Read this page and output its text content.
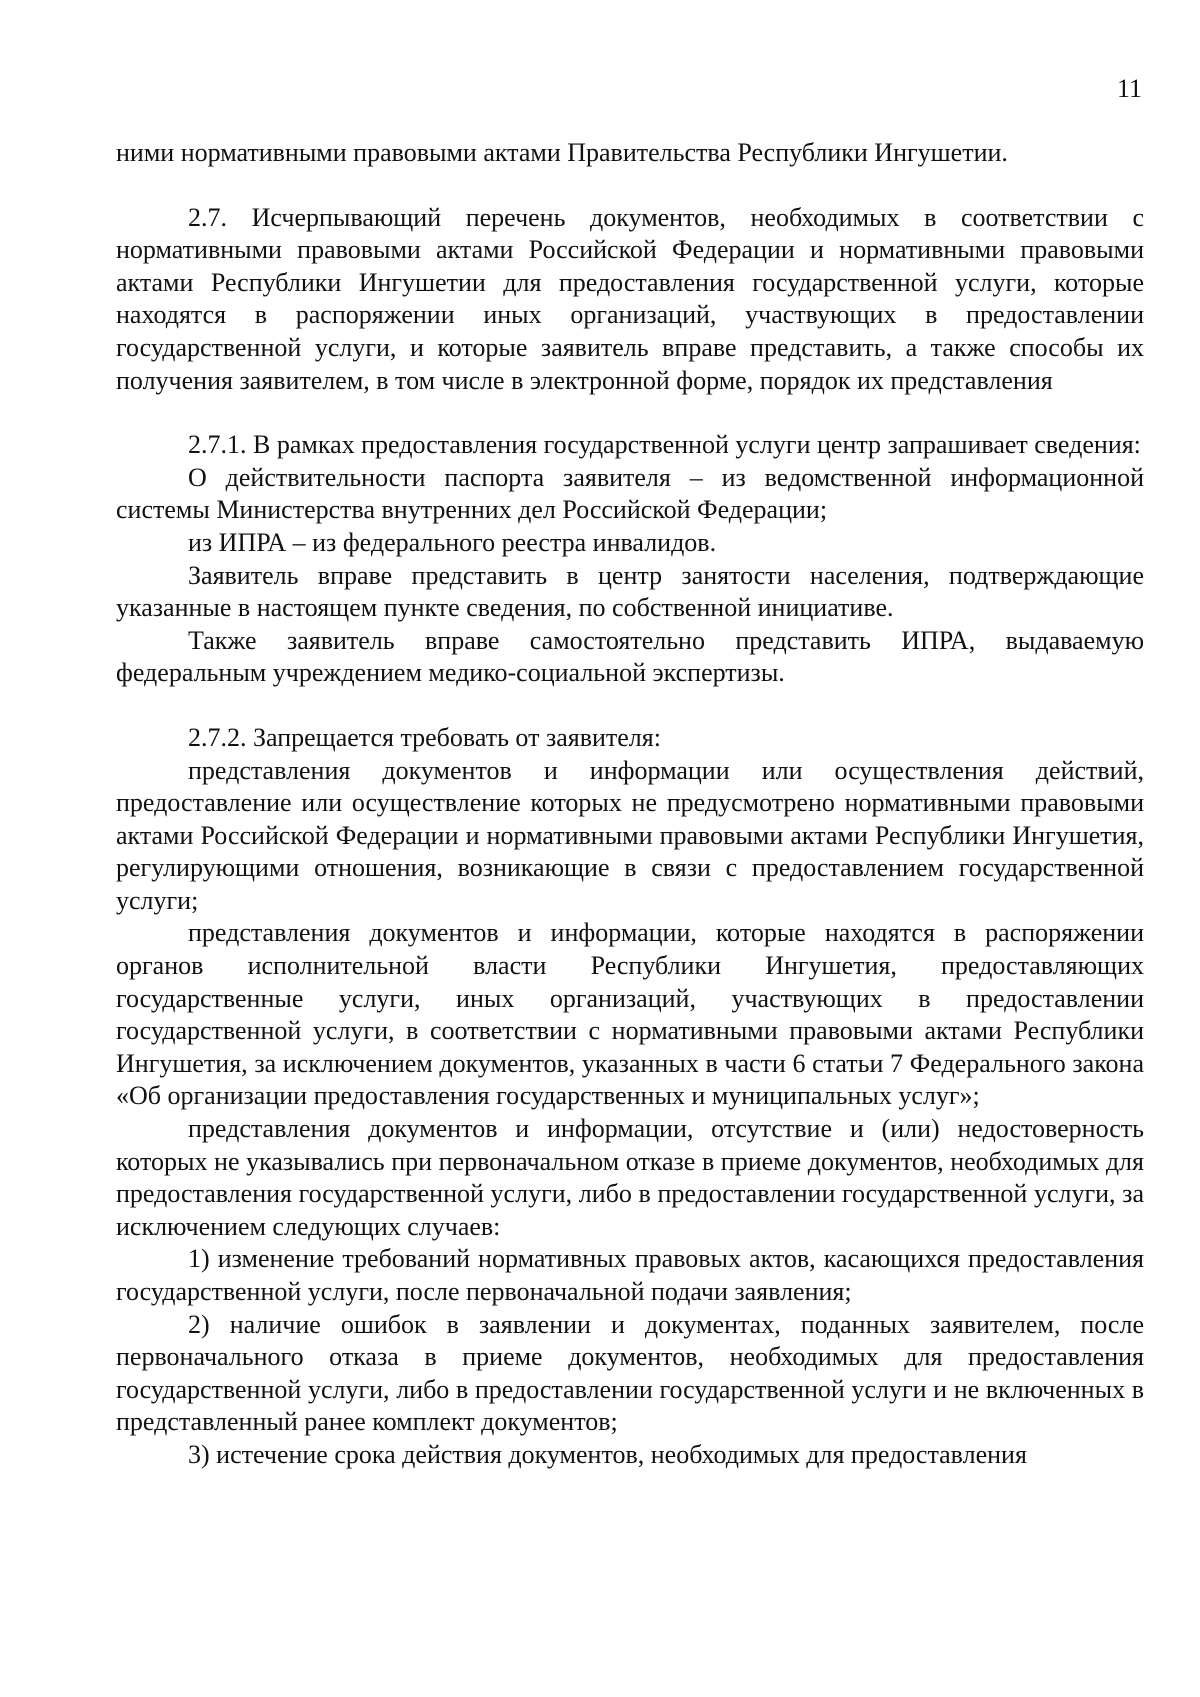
11

ними нормативными правовыми актами Правительства Республики Ингушетии.

2.7. Исчерпывающий перечень документов, необходимых в соответствии с нормативными правовыми актами Российской Федерации и нормативными правовыми актами Республики Ингушетии для предоставления государственной услуги, которые находятся в распоряжении иных организаций, участвующих в предоставлении государственной услуги, и которые заявитель вправе представить, а также способы их получения заявителем, в том числе в электронной форме, порядок их представления

2.7.1. В рамках предоставления государственной услуги центр запрашивает сведения:

О действительности паспорта заявителя – из ведомственной информационной системы Министерства внутренних дел Российской Федерации;

из ИПРА – из федерального реестра инвалидов.

Заявитель вправе представить в центр занятости населения, подтверждающие указанные в настоящем пункте сведения, по собственной инициативе.

Также заявитель вправе самостоятельно представить ИПРА, выдаваемую федеральным учреждением медико-социальной экспертизы.

2.7.2. Запрещается требовать от заявителя:

представления документов и информации или осуществления действий, предоставление или осуществление которых не предусмотрено нормативными правовыми актами Российской Федерации и нормативными правовыми актами Республики Ингушетия, регулирующими отношения, возникающие в связи с предоставлением государственной услуги;

представления документов и информации, которые находятся в распоряжении органов исполнительной власти Республики Ингушетия, предоставляющих государственные услуги, иных организаций, участвующих в предоставлении государственной услуги, в соответствии с нормативными правовыми актами Республики Ингушетия, за исключением документов, указанных в части 6 статьи 7 Федерального закона «Об организации предоставления государственных и муниципальных услуг»;

представления документов и информации, отсутствие и (или) недостоверность которых не указывались при первоначальном отказе в приеме документов, необходимых для предоставления государственной услуги, либо в предоставлении государственной услуги, за исключением следующих случаев:

1) изменение требований нормативных правовых актов, касающихся предоставления государственной услуги, после первоначальной подачи заявления;

2) наличие ошибок в заявлении и документах, поданных заявителем, после первоначального отказа в приеме документов, необходимых для предоставления государственной услуги, либо в предоставлении государственной услуги и не включенных в представленный ранее комплект документов;

3) истечение срока действия документов, необходимых для предоставления
